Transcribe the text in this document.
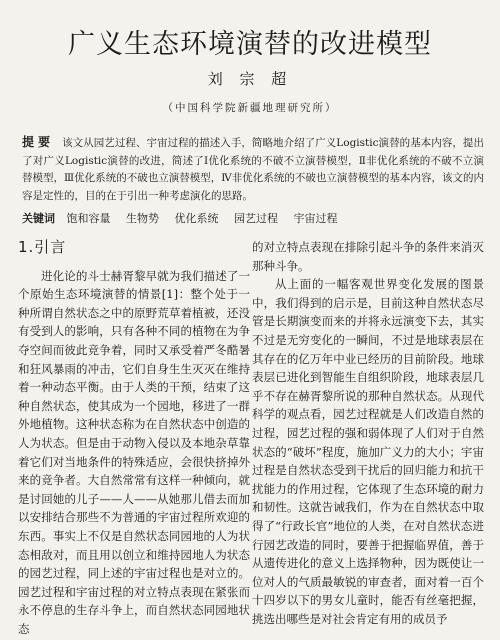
广义生态环境演替的改进模型
刘 宗 超
（中国科学院新疆地理研究所）
提要 该文从园艺过程、宇宙过程的描述入手，简略地介绍了广义Logistic演替的基本内容，提出了对广义Logistic演替的改进，简述了Ⅰ优化系统的不破不立演替模型，Ⅱ非优化系统的不破不立演替模型，Ⅲ优化系统的不破也立演替模型，Ⅳ非优化系统的不破也立演替模型的基本内容，该文的内容是定性的，目的在于引出一种考虑演化的思路。
关键词 饱和容量 生物势 优化系统 园艺过程 宇宙过程
1.引言

进化论的斗士赫胥黎早就为我们描述了一个原始生态环境演替的情景[1]：整个处于一种所谓自然状态之中的原野荒草着植被，还没有受到人的影响，只有各种不同的植物在为争夺空间而彼此竞争着，同时又承受着严冬酷暑和狂风暴雨的冲击，它们自身生生灭灭在维持着一种动态平衡。由于人类的干预，结束了这种自然状态，使其成为一个园地，移进了一群外地植物。这种状态称为在自然状态中创造的人为状态。但是由于动物入侵以及本地杂草靠着它们对当地条件的特殊适应，会很快挤掉外来的竞争者。大自然常常有这样一种倾向，就是讨回她的儿子——人——从她那儿借去而加以安排结合那些不为普通的宇宙过程所欢迎的东西。事实上不仅是自然状态同园地的人为状态相敌对，而且用以创立和维持园地人为状态的园艺过程，同上述的宇宙过程也是对立的。园艺过程和宇宙过程的对立特点表现在紧张而永不停息的生存斗争上，而自然状态同园地状态

的对立特点表现在排除引起斗争的条件来消灭那种斗争。

从上面的一幅客观世界变化发展的图景中，我们得到的启示是，目前这种自然状态尽管是长期演变而来的并将永远演变下去，其实不过是无穷变化的一瞬间，不过是地球表层在其存在的亿万年中业已经历的目前阶段。地球表层已进化到智能生自组织阶段，地球表层几乎不存在赫胥黎所说的那种自然状态。从现代科学的观点看，园艺过程就是人们改造自然的过程，园艺过程的强和弱体现了人们对于自然状态的“破坏”程度，施加广义力的大小；宇宙过程是自然状态受到干扰后的回归能力和抗干扰能力的作用过程，它体现了生态环境的耐力和韧性。这就告诫我们，作为在自然状态中取得了“行政长官”地位的人类，在对自然状态进行园艺改造的同时，要善于把握临界值，善于从遗传进化的意义上选择物种，因为既使让一位对人的气质最敏锐的审查者，面对着一百个十四岁以下的男女儿童时，能否有丝毫把握，挑选出哪些是对社会肯定有用的成员予
